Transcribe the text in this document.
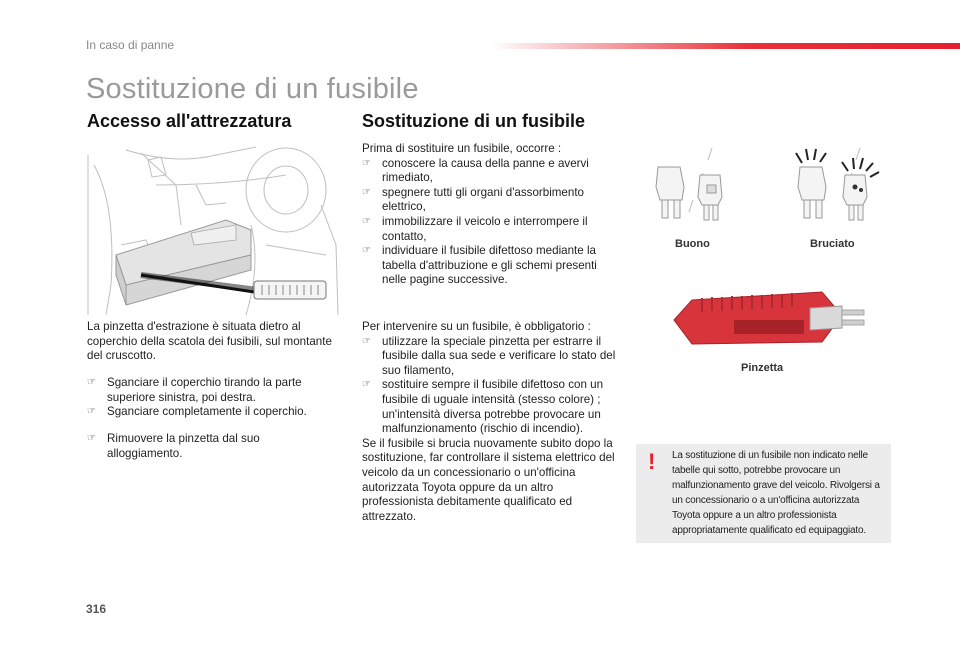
In caso di panne
Sostituzione di un fusibile
Accesso all'attrezzatura	Sostituzione di un fusibile

La pinzetta d'estrazione è situata dietro al coperchio della scatola dei fusibili, sul montante del cruscotto.

☞ Sganciare il coperchio tirando la parte superiore sinistra, poi destra.
☞ Sganciare completamente il coperchio.
☞ Rimuovere la pinzetta dal suo alloggiamento.

Prima di sostituire un fusibile, occorre :

☞ conoscere la causa della panne e avervi rimediato,
☞ spegnere tutti gli organi d'assorbimento elettrico,
☞ immobilizzare il veicolo e interrompere il contatto,
☞ individuare il fusibile difettoso mediante la tabella d'attribuzione e gli schemi presenti nelle pagine successive.

Per intervenire su un fusibile, è obbligatorio :

☞ utilizzare la speciale pinzetta per estrarre il fusibile dalla sua sede e verificare lo stato del suo filamento,
☞ sostituire sempre il fusibile difettoso con un fusibile di uguale intensità (stesso colore) ; un'intensità diversa potrebbe provocare un malfunzionamento (rischio di incendio).

Se il fusibile si brucia nuovamente subito dopo la sostituzione, far controllare il sistema elettrico del veicolo da un concessionario o un'officina autorizzata Toyota oppure da un altro professionista debitamente qualificato ed attrezzato.

Buono	Bruciato
Pinzetta
! La sostituzione di un fusibile non indicato nelle tabelle qui sotto, potrebbe provocare un malfunzionamento grave del veicolo. Rivolgersi a un concessionario o a un'officina autorizzata Toyota oppure a un altro professionista appropriatamente qualificato ed equipaggiato.

316
